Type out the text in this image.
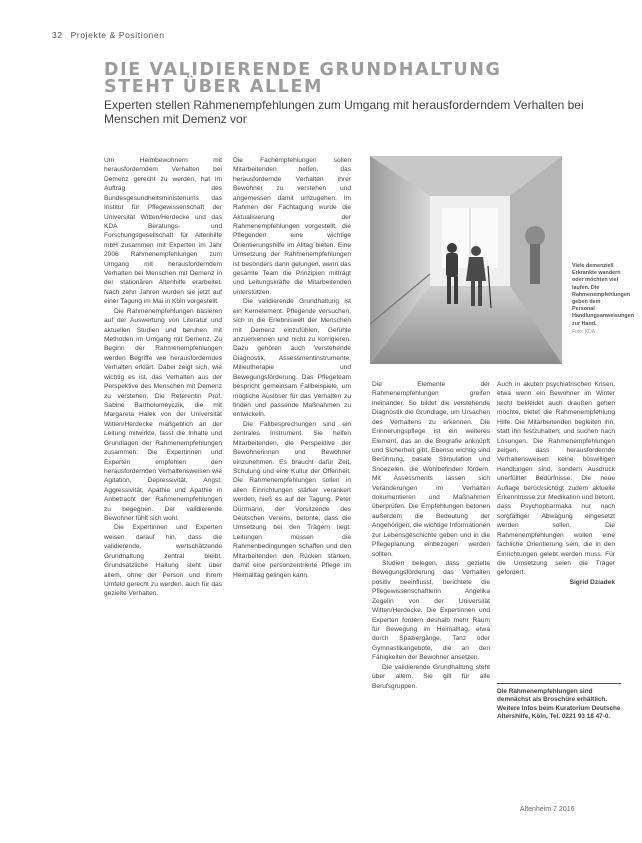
32 Projekte & Positionen
DIE VALIDIERENDE GRUNDHALTUNG
STEHT ÜBER ALLEM

Experten stellen Rahmenempfehlungen zum Umgang mit herausforderndem Verhalten bei Menschen mit Demenz vor

Um Heimbewohnern mit herausforderndem Verhalten bei Demenz gerecht zu werden, hat im Auftrag des Bundesgesundheitsministeriums das Institut für Pflegewissenschaft der Universität Witten/Herdecke und das KDA Beratungs- und Forschungsgesellschaft für Altenhilfe mbH zusammen mit Experten im Jahr 2006 Rahmenempfehlungen zum Umgang mit herausforderndem Verhalten bei Menschen mit Demenz in der stationären Altenhilfe erarbeitet. Nach zehn Jahren wurden sie jetzt auf einer Tagung im Mai in Köln vorgestellt.

Die Rahmenempfehlungen basieren auf der Auswertung von Literatur und aktuellen Studien und beruhen mit Methoden im Umgang mit Demenz. Zu Beginn der Rahmenempfehlungen werden Begriffe wie herausforderndes Verhalten erklärt. Dabei zeigt sich, wie wichtig es ist, das Verhalten aus der Perspektive des Menschen mit Demenz zu verstehen. Die Referentin Prof. Sabine Bartholomeyczik, die mit Margareta Halek von der Universität Witten/Herdecke maßgeblich an der Leitung mitwirkte, fasst die Inhalte und Grundlagen der Rahmenempfehlungen zusammen: Die Expertinnen und Experten empfehlen den herausfordernden Verhaltensweisen wie Agitation, Depressivität, Angst, Aggressivität, Apathie und Apathie in Anbetracht der Rahmenempfehlungen zu begegnen. Der validierende Bewohner fühlt sich wohl.

Die Expertinnen und Experten weisen darauf hin, dass die validierende, wertschätzende Grundhaltung zentral bleibt. Grundsätzliche Haltung steht über allem, ohne der Person und ihrem Umfeld gerecht zu werden, auch für das gezielte Verhalten.

Die Fachempfehlungen sollen Mitarbeitenden helfen, das herausfordernde Verhalten ihrer Bewohner zu verstehen und angemessen damit umzugehen. Im Rahmen der Fachtagung wurde die Aktualisierung der Rahmenempfehlungen vorgestellt, die Pflegenden eine wichtige Orientierungshilfe im Alltag bieten. Eine Umsetzung der Rahmenempfehlungen ist besonders dann gelungen, wenn das gesamte Team die Prinzipien mitträgt und Leitungskräfte die Mitarbeitenden unterstützen.

Die validierende Grundhaltung ist ein Kernelement. Pflegende versuchen, sich in die Erlebniswelt der Menschen mit Demenz einzufühlen, Gefühle anzuerkennen und nicht zu korrigieren. Dazu gehören auch Verstehende Diagnostik, Assessmentinstrumente, Milieutherapie und Bewegungsförderung. Das Pflegeteam bespricht gemeinsam Fallbeispiele, um mögliche Auslöser für das Verhalten zu finden und passende Maßnahmen zu entwickeln.

Die Fallbesprechungen sind ein zentrales Instrument. Sie helfen Mitarbeitenden, die Perspektive der Bewohnerinnen und Bewohner einzunehmen. Es braucht dafür Zeit, Schulung und eine Kultur der Offenheit. Die Rahmenempfehlungen sollen in allen Einrichtungen stärker verankert werden, hieß es auf der Tagung. Peter Dürrmann, der Vorsitzende des Deutschen Vereins, betonte, dass die Umsetzung bei den Trägern liegt. Leitungen müssen die Rahmenbedingungen schaffen und den Mitarbeitenden den Rücken stärken, damit eine personzentrierte Pflege im Heimalltag gelingen kann.

Viele demenziell Erkrankte wandern oder möchten viel laufen. Die Rahmenempfehlungen geben dem Personal Handlungsanweisungen zur Hand.
Foto: KDA

Die Elemente der Rahmenempfehlungen greifen ineinander. So bildet die verstehende Diagnostik die Grundlage, um Ursachen des Verhaltens zu erkennen. Die Erinnerungspflege ist ein weiteres Element, das an die Biografie anknüpft und Sicherheit gibt. Ebenso wichtig sind Berührung, basale Stimulation und Snoezelen, die Wohlbefinden fördern. Mit Assessments lassen sich Veränderungen im Verhalten dokumentieren und Maßnahmen überprüfen. Die Empfehlungen betonen außerdem die Bedeutung der Angehörigen, die wichtige Informationen zur Lebensgeschichte geben und in die Pflegeplanung einbezogen werden sollten.

Studien belegen, dass gezielte Bewegungsförderung das Verhalten positiv beeinflusst, berichtete die Pflegewissenschaftlerin Angelika Zegelin von der Universität Witten/Herdecke. Die Expertinnen und Experten fordern deshalb mehr Raum für Bewegung im Heimalltag, etwa durch Spaziergänge, Tanz oder Gymnastikangebote, die an den Fähigkeiten der Bewohner ansetzen.

Die validierende Grundhaltung steht über allem. Sie gilt für alle Berufsgruppen.

Auch in akuten psychiatrischen Krisen, etwa wenn ein Bewohner im Winter leicht bekleidet auch draußen gehen möchte, bietet die Rahmenempfehlung Hilfe. Die Mitarbeitenden begleiten ihn, statt ihn festzuhalten, und suchen nach Lösungen. Die Rahmenempfehlungen zeigen, dass herausfordernde Verhaltensweisen keine böswilligen Handlungen sind, sondern Ausdruck unerfüllter Bedürfnisse. Die neue Auflage berücksichtigt zudem aktuelle Erkenntnisse zur Medikation und betont, dass Psychopharmaka nur nach sorgfältiger Abwägung eingesetzt werden sollen. Die Rahmenempfehlungen wollen eine fachliche Orientierung sein, die in den Einrichtungen gelebt werden muss. Für die Umsetzung seien die Träger gefordert.

Sigrid Dziadek

Die Rahmenempfehlungen sind demnächst als Broschüre erhältlich. Weitere Infos beim Kuratorium Deutsche Altershilfe, Köln, Tel. 0221 93 18 47-0.

Altenheim 7 2016
